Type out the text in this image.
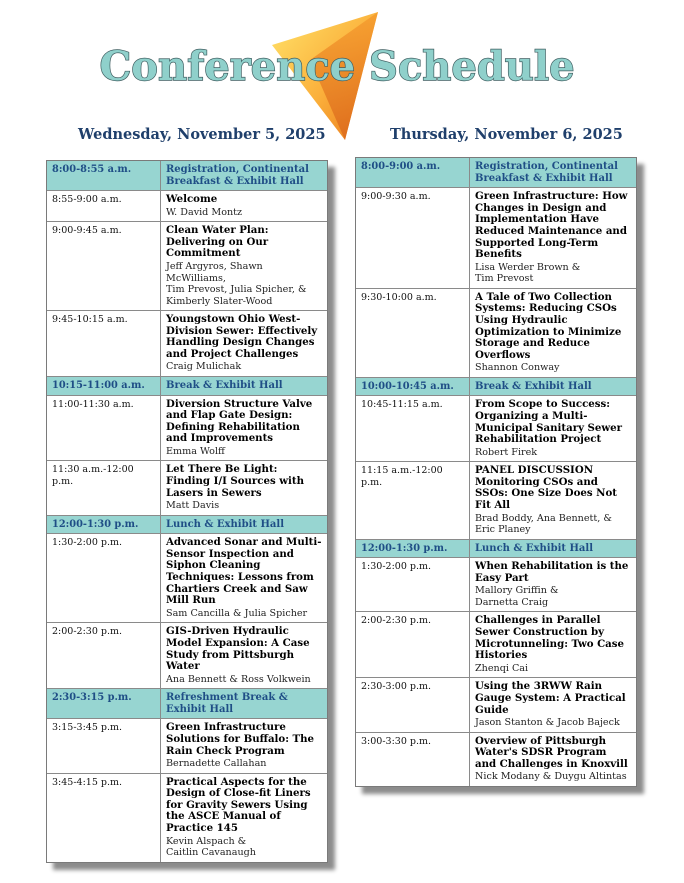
Conference Schedule
Wednesday, November 5, 2025	Thursday, November 6, 2025
8:00-8:55 a.m.	Registration, Continental Breakfast & Exhibit Hall
8:55-9:00 a.m.	Welcome
W. David Montz
9:00-9:45 a.m.	Clean Water Plan: Delivering on Our Commitment
Jeff Argyros, Shawn McWilliams,
Tim Prevost, Julia Spicher, &
Kimberly Slater-Wood
9:45-10:15 a.m.	Youngstown Ohio West-Division Sewer: Effectively Handling Design Changes and Project Challenges
Craig Mulichak
10:15-11:00 a.m.	Break & Exhibit Hall
11:00-11:30 a.m.	Diversion Structure Valve and Flap Gate Design: Defining Rehabilitation and Improvements
Emma Wolff
11:30 a.m.-12:00 p.m.
Let There Be Light: Finding I/I Sources with Lasers in Sewers
Matt Davis
12:00-1:30 p.m.	Lunch & Exhibit Hall
1:30-2:00 p.m.	Advanced Sonar and Multi-Sensor Inspection and Siphon Cleaning Techniques: Lessons from Chartiers Creek and Saw Mill Run
Sam Cancilla & Julia Spicher
2:00-2:30 p.m.	GIS-Driven Hydraulic Model Expansion: A Case Study from Pittsburgh Water
Ana Bennett & Ross Volkwein
2:30-3:15 p.m.	Refreshment Break & Exhibit Hall
3:15-3:45 p.m.	Green Infrastructure Solutions for Buffalo: The Rain Check Program
Bernadette Callahan
3:45-4:15 p.m.	Practical Aspects for the Design of Close-fit Liners for Gravity Sewers Using the ASCE Manual of Practice 145
Kevin Alspach &
Caitlin Cavanaugh
8:00-9:00 a.m.	Registration, Continental Breakfast & Exhibit Hall
9:00-9:30 a.m.	Green Infrastructure: How Changes in Design and Implementation Have Reduced Maintenance and Supported Long-Term Benefits
Lisa Werder Brown &
Tim Prevost
9:30-10:00 a.m.	A Tale of Two Collection Systems: Reducing CSOs Using Hydraulic Optimization to Minimize Storage and Reduce Overflows
Shannon Conway
10:00-10:45 a.m.	Break & Exhibit Hall
10:45-11:15 a.m.	From Scope to Success: Organizing a Multi-Municipal Sanitary Sewer Rehabilitation Project
Robert Firek
11:15 a.m.-12:00 p.m.
PANEL DISCUSSION Monitoring CSOs and SSOs: One Size Does Not Fit All
Brad Boddy, Ana Bennett, &
Eric Planey
12:00-1:30 p.m.	Lunch & Exhibit Hall
1:30-2:00 p.m.	When Rehabilitation is the Easy Part
Mallory Griffin &
Darnetta Craig
2:00-2:30 p.m.	Challenges in Parallel Sewer Construction by Microtunneling: Two Case Histories
Zhenqi Cai
2:30-3:00 p.m.	Using the 3RWW Rain Gauge System: A Practical Guide
Jason Stanton & Jacob Bajeck
3:00-3:30 p.m.	Overview of Pittsburgh Water's SDSR Program and Challenges in Knoxvill
Nick Modany & Duygu Altintas
